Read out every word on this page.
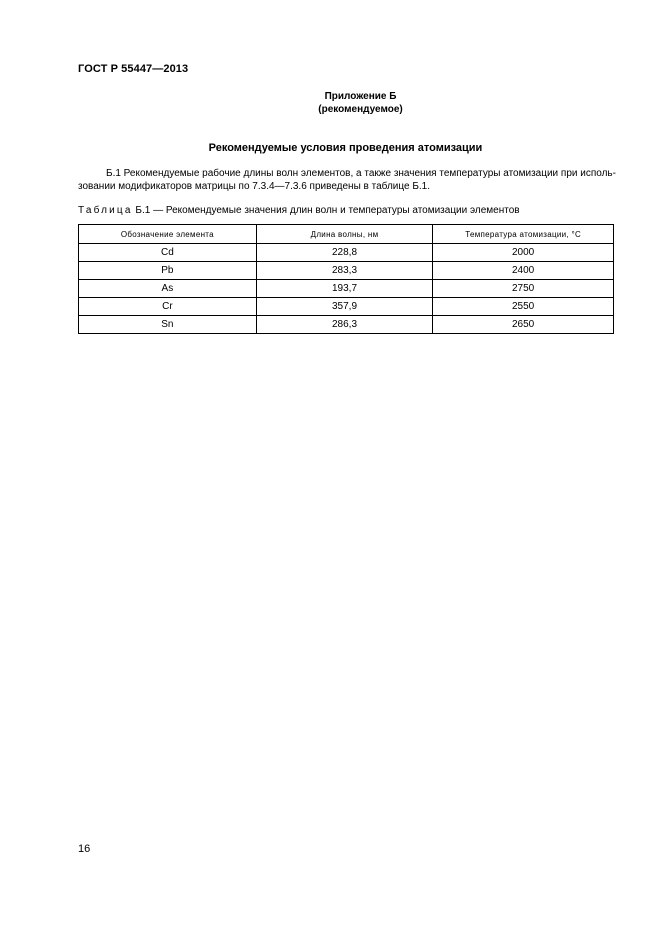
ГОСТ Р 55447—2013
Приложение Б
(рекомендуемое)
Рекомендуемые условия проведения атомизации
Б.1 Рекомендуемые рабочие длины волн элементов, а также значения температуры атомизации при исполь-
зовании модификаторов матрицы по 7.3.4—7.3.6 приведены в таблице Б.1.
Таблица Б.1 — Рекомендуемые значения длин волн и температуры атомизации элементов
Обозначение элемента	Длина волны, нм	Температура атомизации, °С
Cd	228,8	2000
Pb	283,3	2400
As	193,7	2750
Cr	357,9	2550
Sn	286,3	2650
16
